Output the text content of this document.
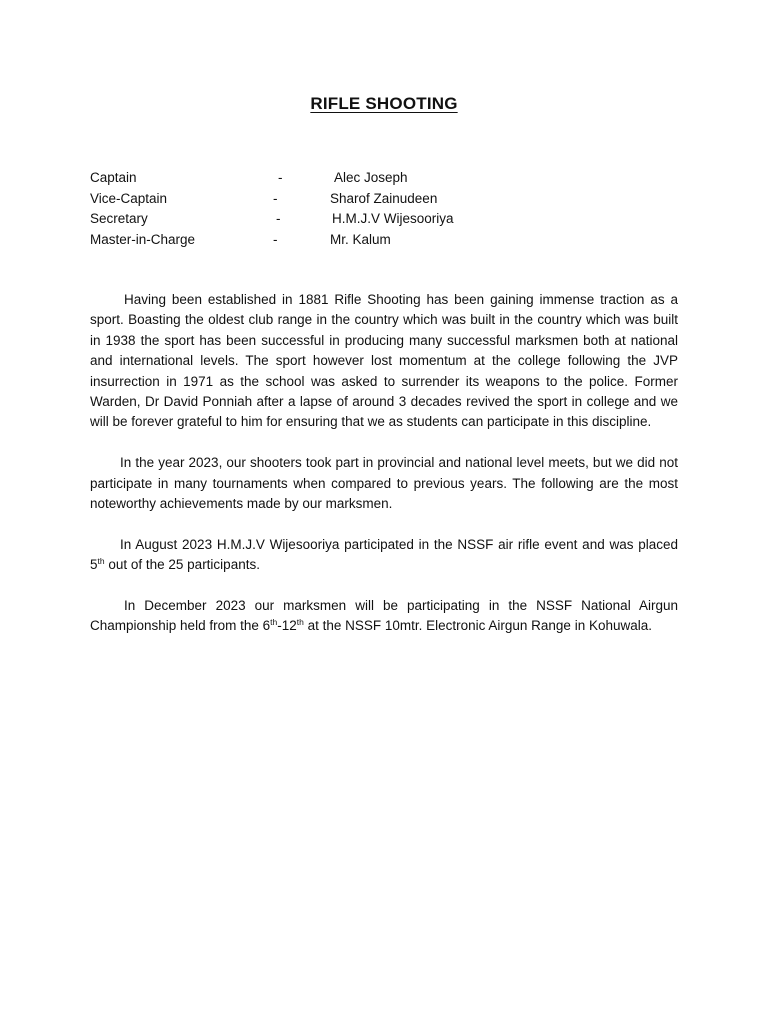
RIFLE SHOOTING
Captain	-	Alec Joseph
Vice-Captain	-	Sharof Zainudeen
Secretary	-	H.M.J.V Wijesooriya
Master-in-Charge	-	Mr. Kalum

Having been established in 1881 Rifle Shooting has been gaining immense traction as a sport. Boasting the oldest club range in the country which was built in the country which was built in 1938 the sport has been successful in producing many successful marksmen both at national and international levels. The sport however lost momentum at the college following the JVP insurrection in 1971 as the school was asked to surrender its weapons to the police. Former Warden, Dr David Ponniah after a lapse of around 3 decades revived the sport in college and we will be forever grateful to him for ensuring that we as students can participate in this discipline.

In the year 2023, our shooters took part in provincial and national level meets, but we did not participate in many tournaments when compared to previous years. The following are the most noteworthy achievements made by our marksmen.

In August 2023 H.M.J.V Wijesooriya participated in the NSSF air rifle event and was placed 5th out of the 25 participants.

In December 2023 our marksmen will be participating in the NSSF National Airgun Championship held from the 6th-12th at the NSSF 10mtr. Electronic Airgun Range in Kohuwala.
